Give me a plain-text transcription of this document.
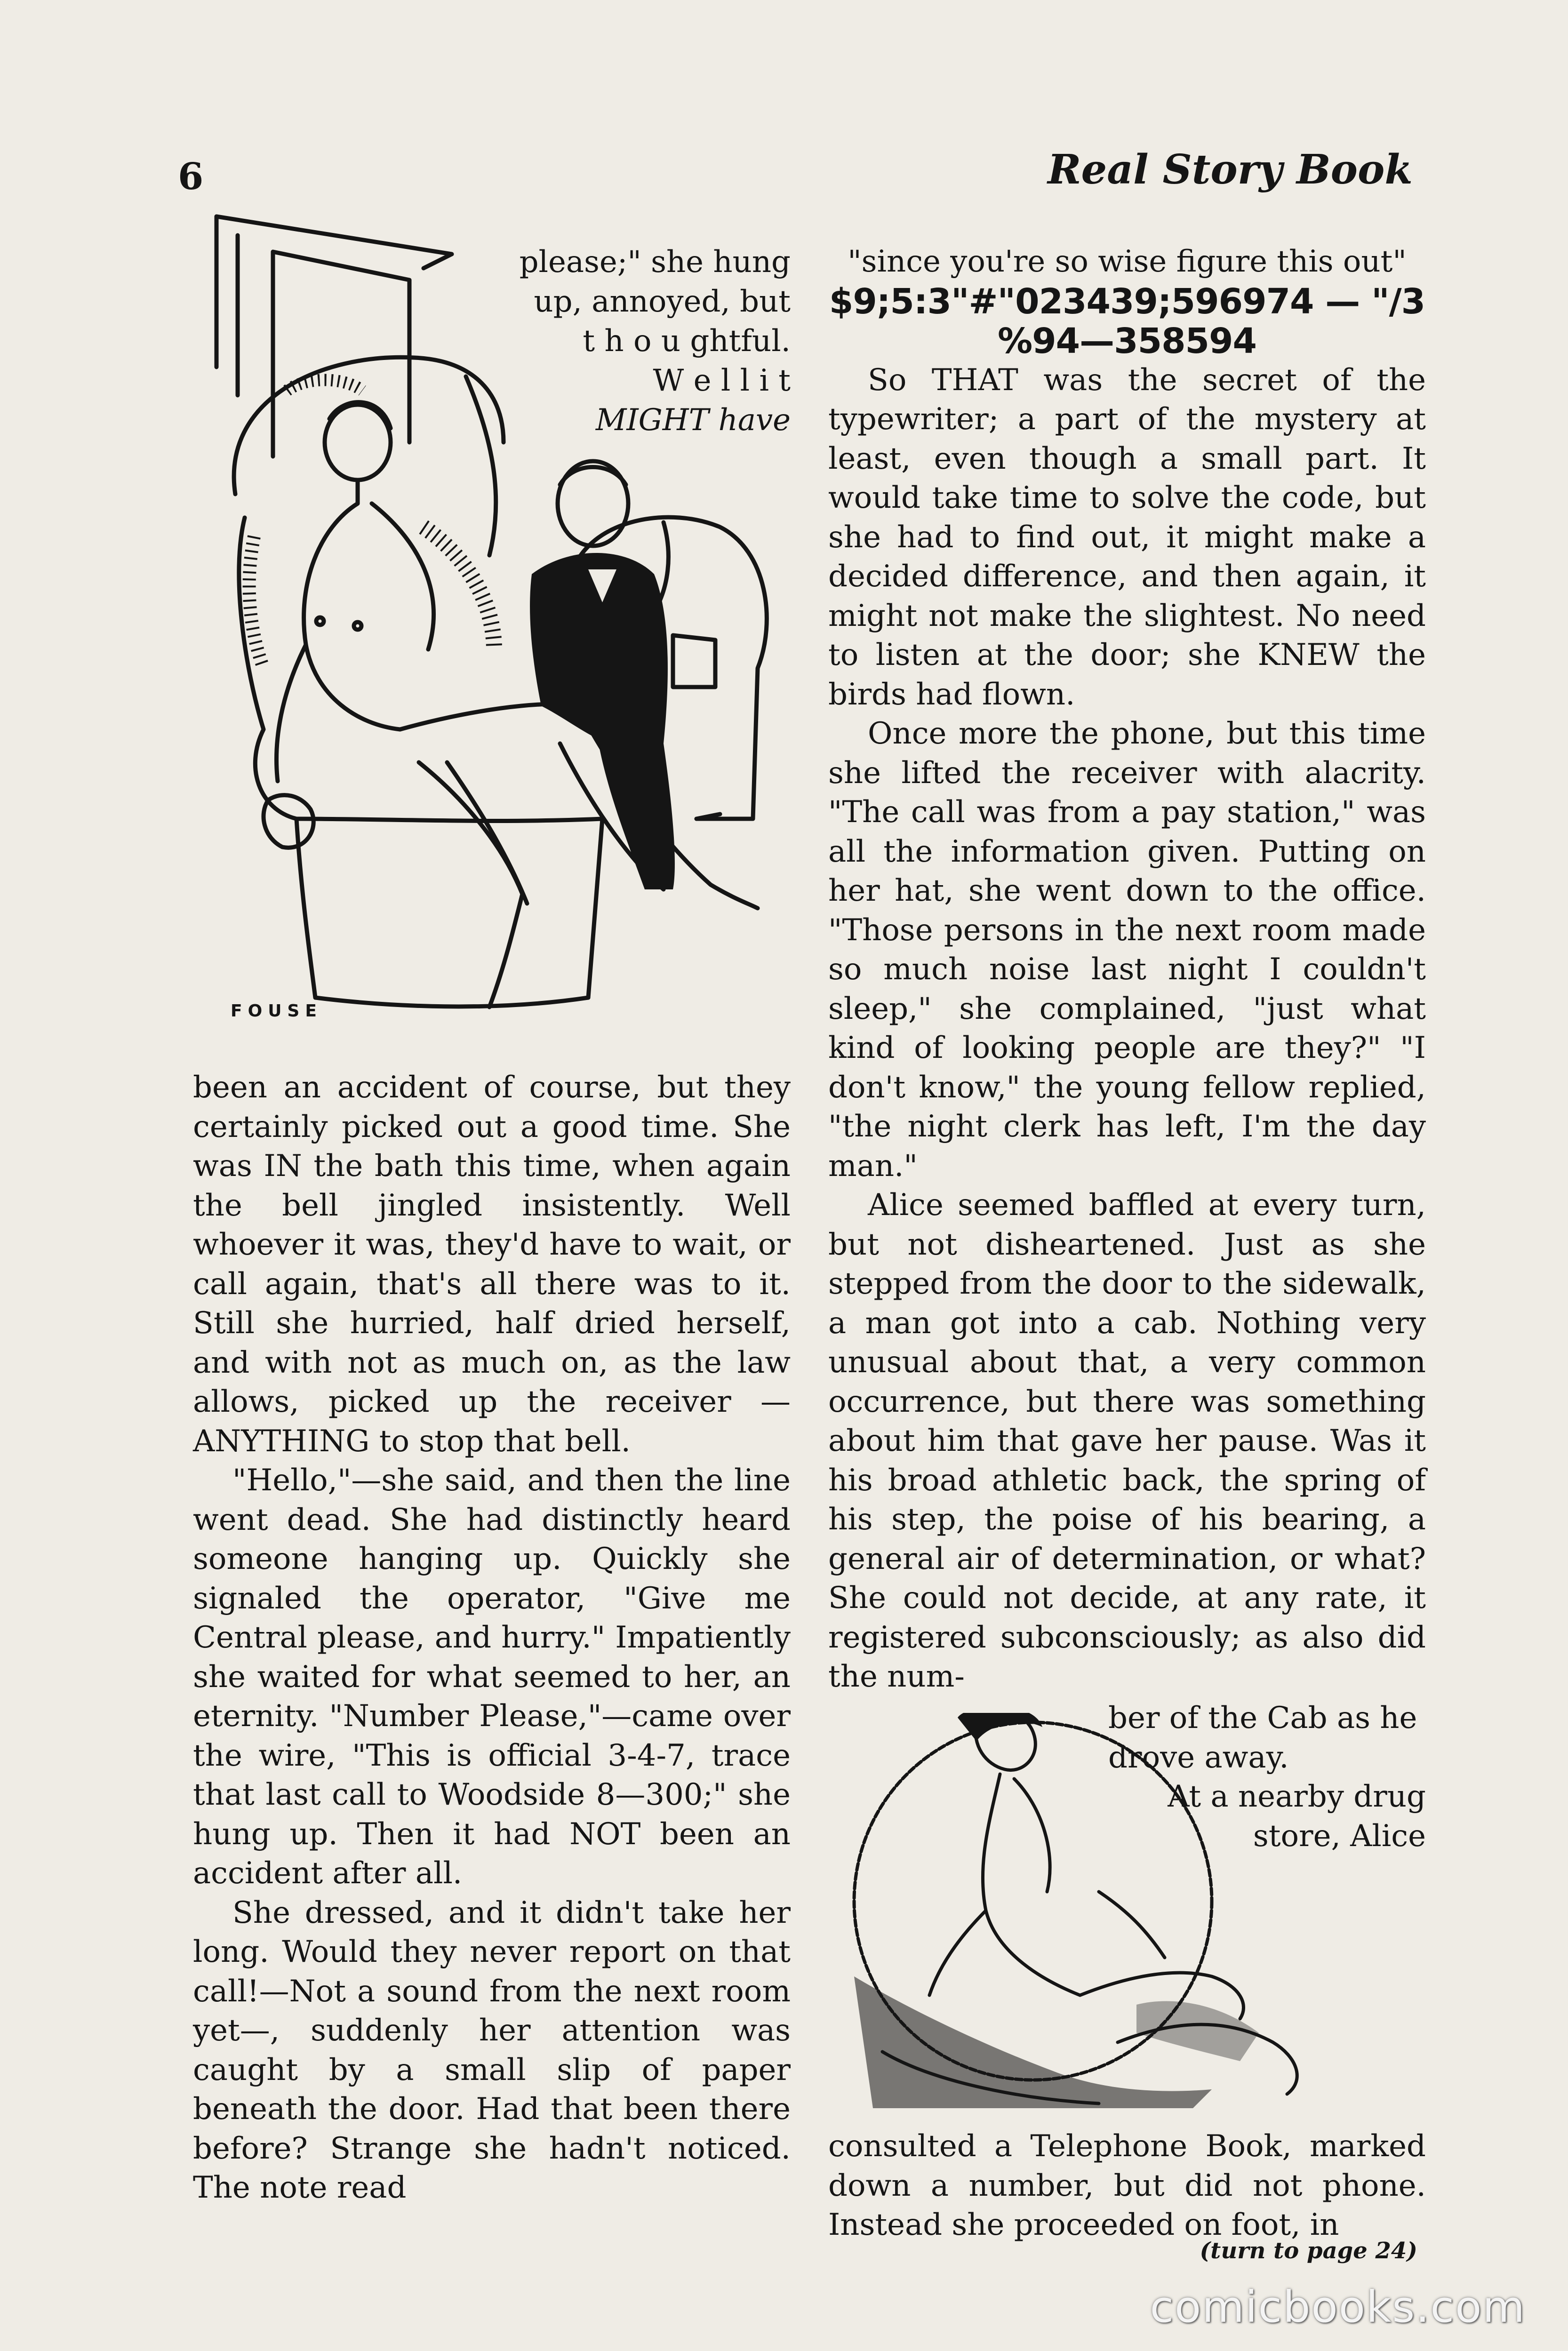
6	Real Story Book
FOUSE
please;" she hung
up, annoyed, but
t h o u ghtful.
W e l l i t
MIGHT have

been an accident of course, but they certainly picked out a good time. She was IN the bath this time, when again the bell jingled insistently. Well whoever it was, they'd have to wait, or call again, that's all there was to it. Still she hurried, half dried herself, and with not as much on, as the law allows, picked up the receiver —ANYTHING to stop that bell.

"Hello,"—she said, and then the line went dead. She had distinctly heard someone hanging up. Quickly she signaled the operator, "Give me Central please, and hurry." Impatiently she waited for what seemed to her, an eternity. "Number Please,"—came over the wire, "This is official 3-4-7, trace that last call to Woodside 8—300;" she hung up. Then it had NOT been an accident after all.

She dressed, and it didn't take her long. Would they never report on that call!—Not a sound from the next room yet—, suddenly her attention was caught by a small slip of paper beneath the door. Had that been there before? Strange she hadn't noticed. The note read

"since you're so wise figure this out"

$9;5:3"#"023439;596974 — "/3
%94—358594

So THAT was the secret of the typewriter; a part of the mystery at least, even though a small part. It would take time to solve the code, but she had to find out, it might make a decided difference, and then again, it might not make the slightest. No need to listen at the door; she KNEW the birds had flown.

Once more the phone, but this time she lifted the receiver with alacrity. "The call was from a pay station," was all the information given. Putting on her hat, she went down to the office. "Those persons in the next room made so much noise last night I couldn't sleep," she complained, "just what kind of looking people are they?" "I don't know," the young fellow replied, "the night clerk has left, I'm the day man."

Alice seemed baffled at every turn, but not disheartened. Just as she stepped from the door to the sidewalk, a man got into a cab. Nothing very unusual about that, a very common occurrence, but there was something about him that gave her pause. Was it his broad athletic back, the spring of his step, the poise of his bearing, a general air of determination, or what? She could not decide, at any rate, it registered subconsciously; as also did the num-

ber of the Cab as he
drove away.
At a nearby drug
store, Alice

consulted a Telephone Book, marked down a number, but did not phone. Instead she proceeded on foot, in

(turn to page 24)
comicbooks.com
